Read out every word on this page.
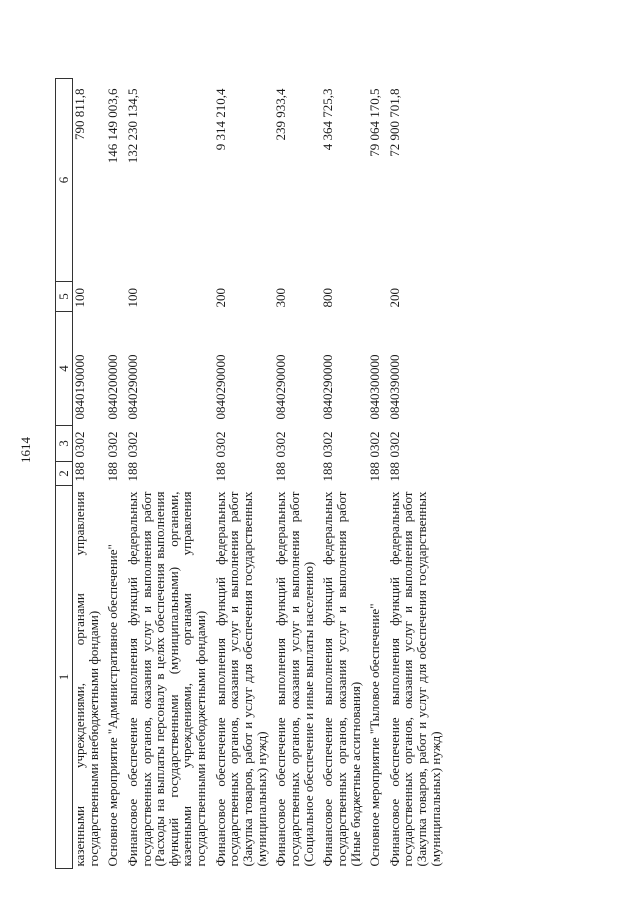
1614
1	2	3	4	5	6
казенными учреждениями, органами управления государственными внебюджетными фондами)	188	0302	0840190000	100	790 811,8
Основное мероприятие "Административное обеспечение"	188	0302	0840200000		146 149 003,6
Финансовое обеспечение выполнения функций федеральных государственных органов, оказания услуг и выполнения работ (Расходы на выплаты персоналу в целях обеспечения выполнения функций государственными (муниципальными) органами, казенными учреждениями, органами управления государственными внебюджетными фондами)	188	0302	0840290000	100	132 230 134,5
Финансовое обеспечение выполнения функций федеральных государственных органов, оказания услуг и выполнения работ (Закупка товаров, работ и услуг для обеспечения государственных (муниципальных) нужд)	188	0302	0840290000	200	9 314 210,4
Финансовое обеспечение выполнения функций федеральных государственных органов, оказания услуг и выполнения работ (Социальное обеспечение и иные выплаты населению)	188	0302	0840290000	300	239 933,4
Финансовое обеспечение выполнения функций федеральных государственных органов, оказания услуг и выполнения работ (Иные бюджетные ассигнования)	188	0302	0840290000	800	4 364 725,3
Основное мероприятие "Тыловое обеспечение"	188	0302	0840300000		79 064 170,5
Финансовое обеспечение выполнения функций федеральных государственных органов, оказания услуг и выполнения работ (Закупка товаров, работ и услуг для обеспечения государственных (муниципальных) нужд)	188	0302	0840390000	200	72 900 701,8
